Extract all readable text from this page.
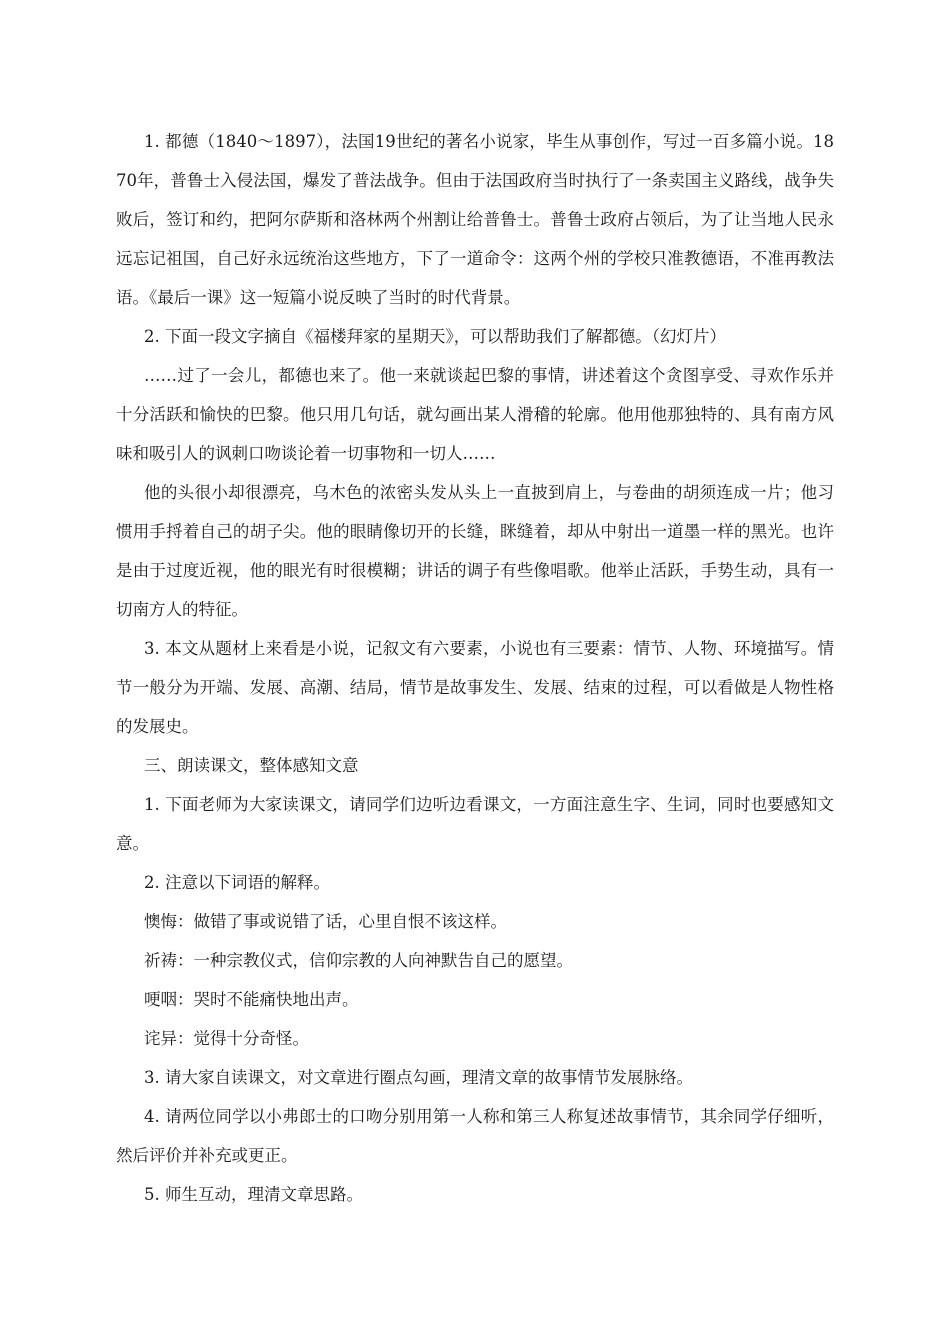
1. 都德（1840～1897），法国19世纪的著名小说家，毕生从事创作，写过一百多篇小说。1870年，普鲁士入侵法国，爆发了普法战争。但由于法国政府当时执行了一条卖国主义路线，战争失败后，签订和约，把阿尔萨斯和洛林两个州割让给普鲁士。普鲁士政府占领后，为了让当地人民永远忘记祖国，自己好永远统治这些地方，下了一道命令：这两个州的学校只准教德语，不准再教法语。《最后一课》这一短篇小说反映了当时的时代背景。

2. 下面一段文字摘自《福楼拜家的星期天》，可以帮助我们了解都德。（幻灯片）

……过了一会儿，都德也来了。他一来就谈起巴黎的事情，讲述着这个贪图享受、寻欢作乐并十分活跃和愉快的巴黎。他只用几句话，就勾画出某人滑稽的轮廓。他用他那独特的、具有南方风味和吸引人的讽刺口吻谈论着一切事物和一切人……

他的头很小却很漂亮，乌木色的浓密头发从头上一直披到肩上，与卷曲的胡须连成一片；他习惯用手捋着自己的胡子尖。他的眼睛像切开的长缝，眯缝着，却从中射出一道墨一样的黑光。也许是由于过度近视，他的眼光有时很模糊；讲话的调子有些像唱歌。他举止活跃，手势生动，具有一切南方人的特征。

3. 本文从题材上来看是小说，记叙文有六要素，小说也有三要素：情节、人物、环境描写。情节一般分为开端、发展、高潮、结局，情节是故事发生、发展、结束的过程，可以看做是人物性格的发展史。

三、朗读课文，整体感知文意

1. 下面老师为大家读课文，请同学们边听边看课文，一方面注意生字、生词，同时也要感知文意。

2. 注意以下词语的解释。

懊悔：做错了事或说错了话，心里自恨不该这样。

祈祷：一种宗教仪式，信仰宗教的人向神默告自己的愿望。

哽咽：哭时不能痛快地出声。

诧异：觉得十分奇怪。

3. 请大家自读课文，对文章进行圈点勾画，理清文章的故事情节发展脉络。

4. 请两位同学以小弗郎士的口吻分别用第一人称和第三人称复述故事情节，其余同学仔细听，然后评价并补充或更正。

5. 师生互动，理清文章思路。
